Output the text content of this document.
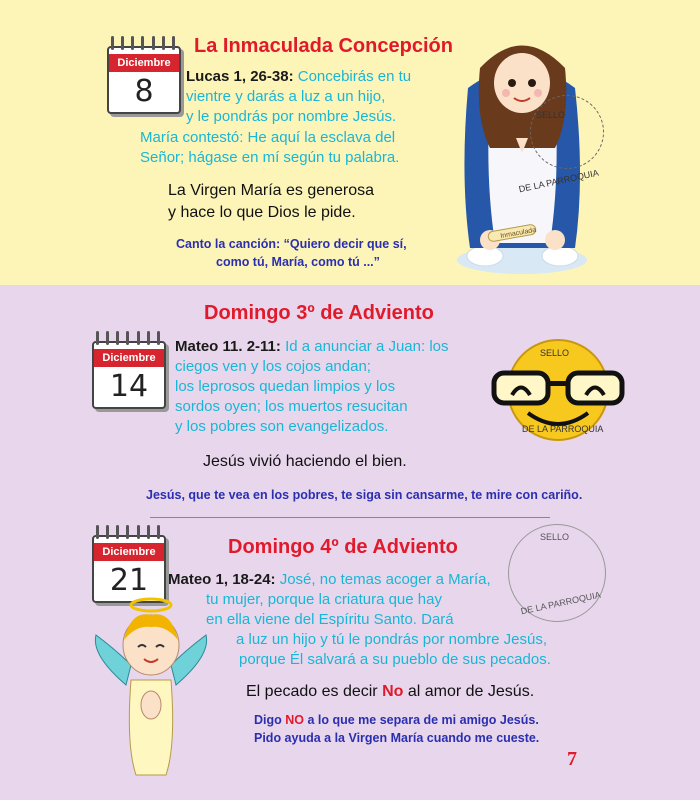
Diciembre
8
La Inmaculada Concepción
Lucas 1, 26-38: Concebirás en tu
vientre y darás a luz a un hijo,
y le pondrás por nombre Jesús.
María contestó: He aquí la esclava del
Señor; hágase en mí según tu palabra.
La Virgen María es generosa
y hace lo que Dios le pide.
Canto la canción: “Quiero decir que sí,
como tú, María, como tú ...”
Inmaculada
SELLO
DE LA PARROQUIA
Domingo 3º de Adviento
Diciembre
14
Mateo 11. 2-11: Id a anunciar a Juan: los
ciegos ven y los cojos andan;
los leprosos quedan limpios y los
sordos oyen; los muertos resucitan
y los pobres son evangelizados.
Jesús vivió haciendo el bien.
Jesús, que te vea en los pobres, te siga sin cansarme, te mire con cariño.
SELLO
DE LA PARROQUIA
Diciembre
21
Domingo 4º de Adviento	SELLO
DE LA PARROQUIA
Mateo 1, 18-24: José, no temas acoger a María,
tu mujer, porque la criatura que hay
en ella viene del Espíritu Santo. Dará
a luz un hijo y tú le pondrás por nombre Jesús,
porque Él salvará a su pueblo de sus pecados.
El pecado es decir No al amor de Jesús.
Digo NO a lo que me separa de mi amigo Jesús.
Pido ayuda a la Virgen María cuando me cueste.
7
